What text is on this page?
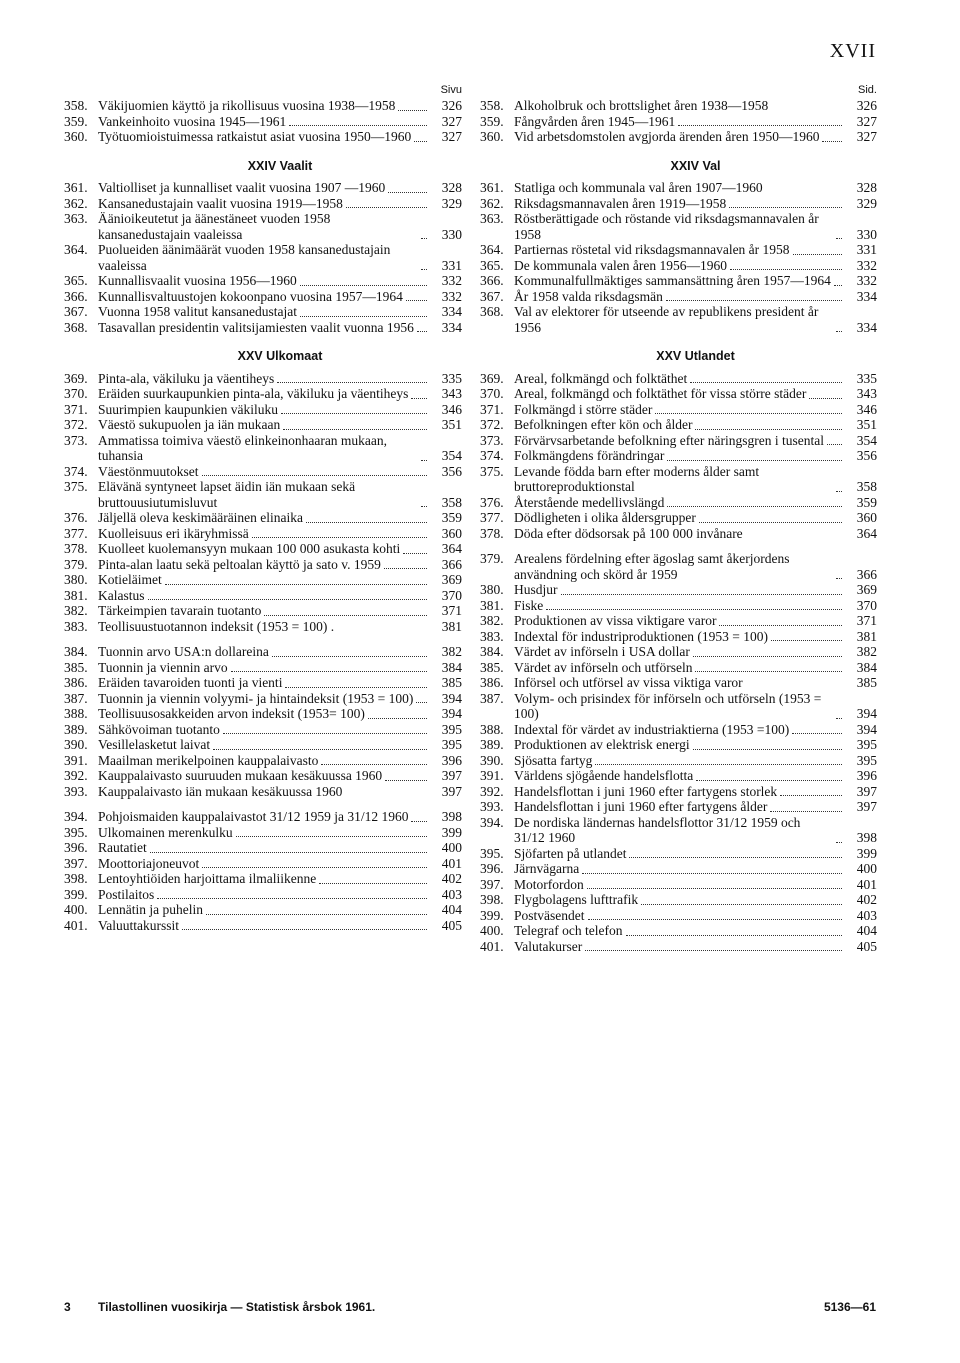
XVII
Sivu
358. Väkijuomien käyttö ja rikollisuus vuosina 1938—1958	326
359. Vankeinhoito vuosina 1945—1961	327
360. Työtuomioistuimessa ratkaistut asiat vuosina 1950—1960	327
XXIV Vaalit
361. Valtiolliset ja kunnalliset vaalit vuosina 1907 —1960	328
362. Kansanedustajain vaalit vuosina 1919—1958	329
363. Äänioikeutetut ja äänestäneet vuoden 1958 kansanedustajain vaaleissa	330
364. Puolueiden äänimäärät vuoden 1958 kansanedustajain vaaleissa	331
365. Kunnallisvaalit vuosina 1956—1960	332
366. Kunnallisvaltuustojen kokoonpano vuosina 1957—1964	332
367. Vuonna 1958 valitut kansanedustajat	334
368. Tasavallan presidentin valitsijamiesten vaalit vuonna 1956	334
XXV Ulkomaat
369. Pinta-ala, väkiluku ja väentiheys	335
370. Eräiden suurkaupunkien pinta-ala, väkiluku ja väentiheys	343
371. Suurimpien kaupunkien väkiluku	346
372. Väestö sukupuolen ja iän mukaan	351
373. Ammatissa toimiva väestö elinkeinonhaaran mukaan, tuhansia	354
374. Väestönmuutokset	356
375. Elävänä syntyneet lapset äidin iän mukaan sekä bruttouusiutumisluvut	358
376. Jäljellä oleva keskimääräinen elinaika	359
377. Kuolleisuus eri ikäryhmissä	360
378. Kuolleet kuolemansyyn mukaan 100 000 asukasta kohti	364
379. Pinta-alan laatu sekä peltoalan käyttö ja sato v. 1959	366
380. Kotieläimet	369
381. Kalastus	370
382. Tärkeimpien tavarain tuotanto	371
383. Teollisuustuotannon indeksit (1953 = 100) .	381
384. Tuonnin arvo USA:n dollareina	382
385. Tuonnin ja viennin arvo	384
386. Eräiden tavaroiden tuonti ja vienti	385
387. Tuonnin ja viennin volyymi- ja hintaindeksit (1953 = 100)	394
388. Teollisuusosakkeiden arvon indeksit (1953= 100)	394
389. Sähkövoiman tuotanto	395
390. Vesillelasketut laivat	395
391. Maailman merikelpoinen kauppalaivasto	396
392. Kauppalaivasto suuruuden mukaan kesäkuussa 1960	397
393. Kauppalaivasto iän mukaan kesäkuussa 1960	397
394. Pohjoismaiden kauppalaivastot 31/12 1959 ja 31/12 1960	398
395. Ulkomainen merenkulku	399
396. Rautatiet	400
397. Moottoriajoneuvot	401
398. Lentoyhtiöiden harjoittama ilmaliikenne	402
399. Postilaitos	403
400. Lennätin ja puhelin	404
401. Valuuttakurssit	405
Sid.
358. Alkoholbruk och brottslighet åren 1938—1958	326
359. Fångvården åren 1945—1961	327
360. Vid arbetsdomstolen avgjorda ärenden åren 1950—1960	327
XXIV Val
361. Statliga och kommunala val åren 1907—1960	328
362. Riksdagsmannavalen åren 1919—1958	329
363. Röstberättigade och röstande vid riksdagsmannavalen år 1958	330
364. Partiernas röstetal vid riksdagsmannavalen år 1958	331
365. De kommunala valen åren 1956—1960	332
366. Kommunalfullmäktiges sammansättning åren 1957—1964	332
367. År 1958 valda riksdagsmän	334
368. Val av elektorer för utseende av republikens president år 1956	334
XXV Utlandet
369. Areal, folkmängd och folktäthet	335
370. Areal, folkmängd och folktäthet för vissa större städer	343
371. Folkmängd i större städer	346
372. Befolkningen efter kön och ålder	351
373. Förvärvsarbetande befolkning efter näringsgren i tusental	354
374. Folkmängdens förändringar	356
375. Levande födda barn efter moderns ålder samt bruttoreproduktionstal	358
376. Återstående medellivslängd	359
377. Dödligheten i olika åldersgrupper	360
378. Döda efter dödsorsak på 100 000 invånare	364
379. Arealens fördelning efter ägoslag samt åkerjordens användning och skörd år 1959	366
380. Husdjur	369
381. Fiske	370
382. Produktionen av vissa viktigare varor	371
383. Indextal för industriproduktionen (1953 = 100)	381
384. Värdet av införseln i USA dollar	382
385. Värdet av införseln och utförseln	384
386. Införsel och utförsel av vissa viktiga varor	385
387. Volym- och prisindex för införseln och utförseln (1953 = 100)	394
388. Indextal för värdet av industriaktierna (1953 =100)	394
389. Produktionen av elektrisk energi	395
390. Sjösatta fartyg	395
391. Världens sjögående handelsflotta	396
392. Handelsflottan i juni 1960 efter fartygens storlek	397
393. Handelsflottan i juni 1960 efter fartygens ålder	397
394. De nordiska ländernas handelsflottor 31/12 1959 och 31/12 1960	398
395. Sjöfarten på utlandet	399
396. Järnvägarna	400
397. Motorfordon	401
398. Flygbolagens lufttrafik	402
399. Postväsendet	403
400. Telegraf och telefon	404
401. Valutakurser	405
3 Tilastollinen vuosikirja — Statistisk årsbok 1961.	5136—61
